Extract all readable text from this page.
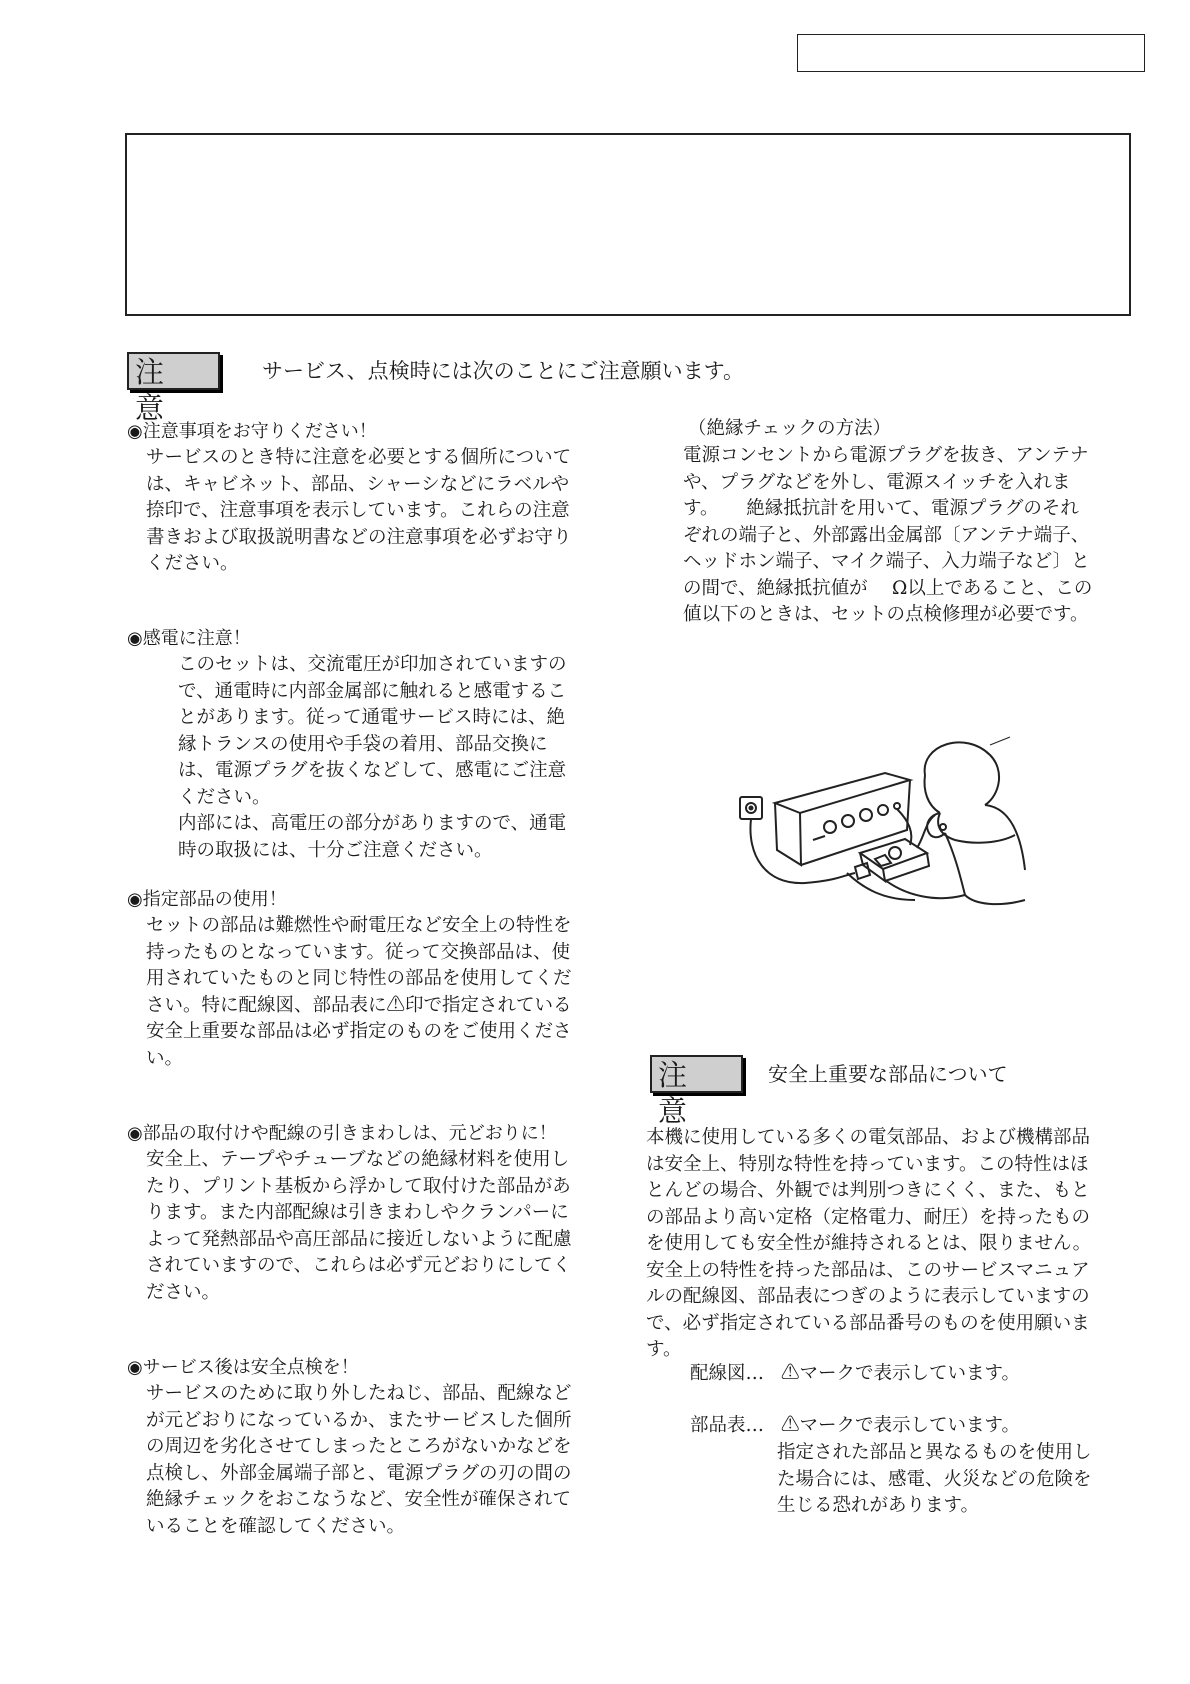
注意
サービス、点検時には次のことにご注意願います。
◉注意事項をお守りください！
サービスのとき特に注意を必要とする個所については、キャビネット、部品、シャーシなどにラベルや
捺印で、注意事項を表示しています。これらの注意
書きおよび取扱説明書などの注意事項を必ずお守り
ください。
◉感電に注意！
このセットは、交流電圧が印加されていますの
で、通電時に内部金属部に触れると感電するこ
とがあります。従って通電サービス時には、絶
縁トランスの使用や手袋の着用、部品交換に
は、電源プラグを抜くなどして、感電にご注意
ください。
内部には、高電圧の部分がありますので、通電
時の取扱には、十分ご注意ください。
◉指定部品の使用！
セットの部品は難燃性や耐電圧など安全上の特性を
持ったものとなっています。従って交換部品は、使
用されていたものと同じ特性の部品を使用してくだ
さい。特に配線図、部品表に⚠印で指定されている
安全上重要な部品は必ず指定のものをご使用くださ
い。
◉部品の取付けや配線の引きまわしは、元どおりに！
安全上、テープやチューブなどの絶縁材料を使用し
たり、プリント基板から浮かして取付けた部品があ
ります。また内部配線は引きまわしやクランパーに
よって発熱部品や高圧部品に接近しないように配慮
されていますので、これらは必ず元どおりにしてく
ださい。
◉サービス後は安全点検を！
サービスのために取り外したねじ、部品、配線など
が元どおりになっているか、またサービスした個所
の周辺を劣化させてしまったところがないかなどを
点検し、外部金属端子部と、電源プラグの刃の間の
絶縁チェックをおこなうなど、安全性が確保されて
いることを確認してください。
（絶縁チェックの方法）
電源コンセントから電源プラグを抜き、アンテナ
や、プラグなどを外し、電源スイッチを入れま
す。　　絶縁抵抗計を用いて、電源プラグのそれ
ぞれの端子と、外部露出金属部〔アンテナ端子、
ヘッドホン端子、マイク端子、入力端子など〕と
の間で、絶縁抵抗値が　 Ω以上であること、この
値以下のときは、セットの点検修理が必要です。
注意
安全上重要な部品について
本機に使用している多くの電気部品、および機構部品
は安全上、特別な特性を持っています。この特性はほ
とんどの場合、外観では判別つきにくく、また、もと
の部品より高い定格（定格電力、耐圧）を持ったもの
を使用しても安全性が維持されるとは、限りません。
安全上の特性を持った部品は、このサービスマニュア
ルの配線図、部品表につぎのように表示していますの
で、必ず指定されている部品番号のものを使用願いま
す。
配線図… ⚠マークで表示しています。
部品表… ⚠マークで表示しています。
指定された部品と異なるものを使用し
た場合には、感電、火災などの危険を
生じる恐れがあります。
